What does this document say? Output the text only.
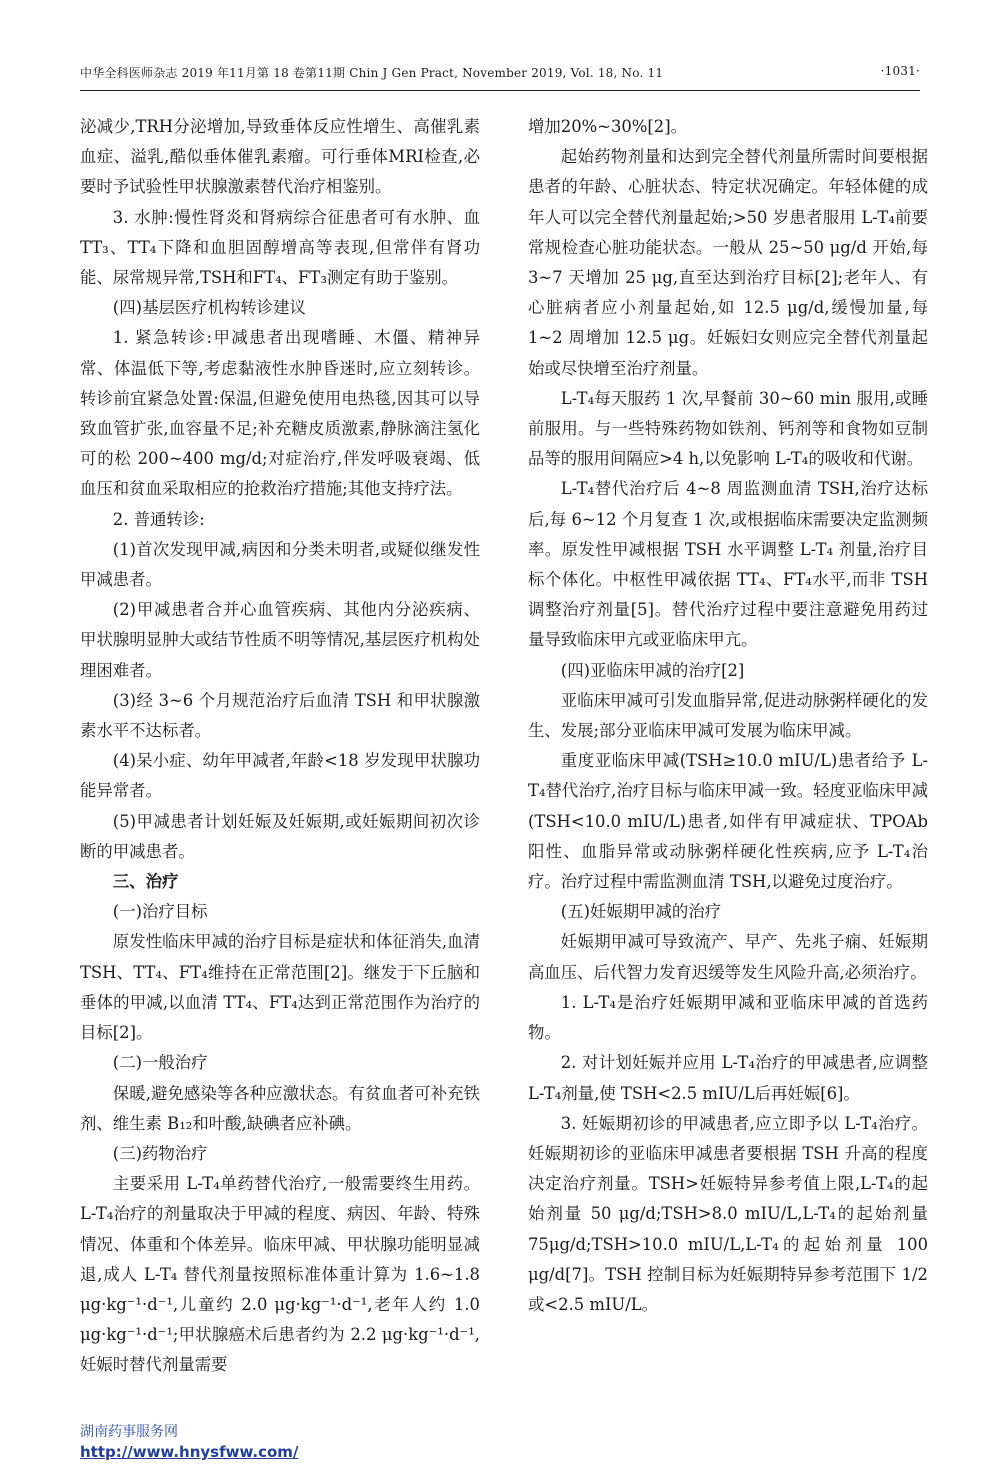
中华全科医师杂志 2019 年11月第 18 卷第11期 Chin J Gen Pract, November 2019, Vol. 18, No. 11	·1031·

泌减少,TRH分泌增加,导致垂体反应性增生、高催乳素血症、溢乳,酷似垂体催乳素瘤。可行垂体MRI检查,必要时予试验性甲状腺激素替代治疗相鉴别。

3. 水肿:慢性肾炎和肾病综合征患者可有水肿、血TT₃、TT₄下降和血胆固醇增高等表现,但常伴有肾功能、尿常规异常,TSH和FT₄、FT₃测定有助于鉴别。

(四)基层医疗机构转诊建议

1. 紧急转诊:甲减患者出现嗜睡、木僵、精神异常、体温低下等,考虑黏液性水肿昏迷时,应立刻转诊。转诊前宜紧急处置:保温,但避免使用电热毯,因其可以导致血管扩张,血容量不足;补充糖皮质激素,静脉滴注氢化可的松 200~400 mg/d;对症治疗,伴发呼吸衰竭、低血压和贫血采取相应的抢救治疗措施;其他支持疗法。

2. 普通转诊:

(1)首次发现甲减,病因和分类未明者,或疑似继发性甲减患者。

(2)甲减患者合并心血管疾病、其他内分泌疾病、甲状腺明显肿大或结节性质不明等情况,基层医疗机构处理困难者。

(3)经 3~6 个月规范治疗后血清 TSH 和甲状腺激素水平不达标者。

(4)呆小症、幼年甲减者,年龄<18 岁发现甲状腺功能异常者。

(5)甲减患者计划妊娠及妊娠期,或妊娠期间初次诊断的甲减患者。

三、治疗

(一)治疗目标

原发性临床甲减的治疗目标是症状和体征消失,血清TSH、TT₄、FT₄维持在正常范围[2]。继发于下丘脑和垂体的甲减,以血清 TT₄、FT₄达到正常范围作为治疗的目标[2]。

(二)一般治疗

保暖,避免感染等各种应激状态。有贫血者可补充铁剂、维生素 B₁₂和叶酸,缺碘者应补碘。

(三)药物治疗

主要采用 L-T₄单药替代治疗,一般需要终生用药。L-T₄治疗的剂量取决于甲减的程度、病因、年龄、特殊情况、体重和个体差异。临床甲减、甲状腺功能明显减退,成人 L-T₄ 替代剂量按照标准体重计算为 1.6~1.8 μg·kg⁻¹·d⁻¹,儿童约 2.0 μg·kg⁻¹·d⁻¹,老年人约 1.0 μg·kg⁻¹·d⁻¹;甲状腺癌术后患者约为 2.2 μg·kg⁻¹·d⁻¹,妊娠时替代剂量需要

增加20%~30%[2]。

起始药物剂量和达到完全替代剂量所需时间要根据患者的年龄、心脏状态、特定状况确定。年轻体健的成年人可以完全替代剂量起始;>50 岁患者服用 L-T₄前要常规检查心脏功能状态。一般从 25~50 μg/d 开始,每 3~7 天增加 25 μg,直至达到治疗目标[2];老年人、有心脏病者应小剂量起始,如 12.5 μg/d,缓慢加量,每 1~2 周增加 12.5 μg。妊娠妇女则应完全替代剂量起始或尽快增至治疗剂量。

L-T₄每天服药 1 次,早餐前 30~60 min 服用,或睡前服用。与一些特殊药物如铁剂、钙剂等和食物如豆制品等的服用间隔应>4 h,以免影响 L-T₄的吸收和代谢。

L-T₄替代治疗后 4~8 周监测血清 TSH,治疗达标后,每 6~12 个月复查 1 次,或根据临床需要决定监测频率。原发性甲减根据 TSH 水平调整 L-T₄ 剂量,治疗目标个体化。中枢性甲减依据 TT₄、FT₄水平,而非 TSH 调整治疗剂量[5]。替代治疗过程中要注意避免用药过量导致临床甲亢或亚临床甲亢。

(四)亚临床甲减的治疗[2]

亚临床甲减可引发血脂异常,促进动脉粥样硬化的发生、发展;部分亚临床甲减可发展为临床甲减。

重度亚临床甲减(TSH≥10.0 mIU/L)患者给予 L-T₄替代治疗,治疗目标与临床甲减一致。轻度亚临床甲减(TSH<10.0 mIU/L)患者,如伴有甲减症状、TPOAb 阳性、血脂异常或动脉粥样硬化性疾病,应予 L-T₄治疗。治疗过程中需监测血清 TSH,以避免过度治疗。

(五)妊娠期甲减的治疗

妊娠期甲减可导致流产、早产、先兆子痫、妊娠期高血压、后代智力发育迟缓等发生风险升高,必须治疗。

1. L-T₄是治疗妊娠期甲减和亚临床甲减的首选药物。

2. 对计划妊娠并应用 L-T₄治疗的甲减患者,应调整 L-T₄剂量,使 TSH<2.5 mIU/L后再妊娠[6]。

3. 妊娠期初诊的甲减患者,应立即予以 L-T₄治疗。妊娠期初诊的亚临床甲减患者要根据 TSH 升高的程度决定治疗剂量。TSH>妊娠特异参考值上限,L-T₄的起始剂量 50 μg/d;TSH>8.0 mIU/L,L-T₄的起始剂量 75μg/d;TSH>10.0 mIU/L,L-T₄的起始剂量 100 μg/d[7]。TSH 控制目标为妊娠期特异参考范围下 1/2 或<2.5 mIU/L。

湖南药事服务网
http://www.hnysfww.com/
